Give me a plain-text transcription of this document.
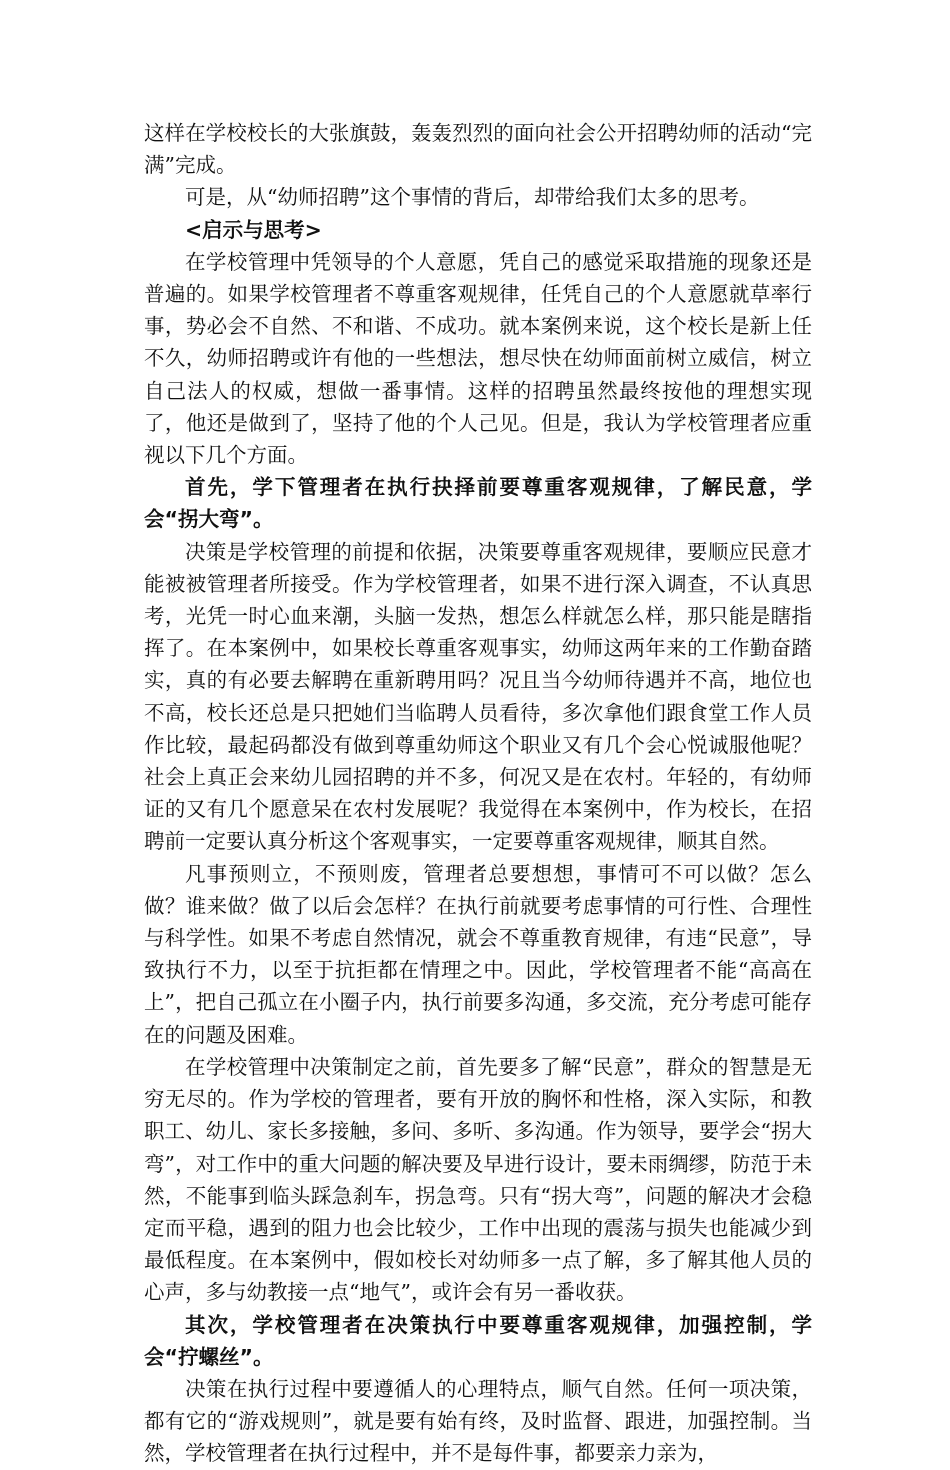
这样在学校校长的大张旗鼓，轰轰烈烈的面向社会公开招聘幼师的活动“完满”完成。

可是，从“幼师招聘”这个事情的背后，却带给我们太多的思考。

<启示与思考>

在学校管理中凭领导的个人意愿，凭自己的感觉采取措施的现象还是普遍的。如果学校管理者不尊重客观规律，任凭自己的个人意愿就草率行事，势必会不自然、不和谐、不成功。就本案例来说，这个校长是新上任不久，幼师招聘或许有他的一些想法，想尽快在幼师面前树立威信，树立自己法人的权威，想做一番事情。这样的招聘虽然最终按他的理想实现了，他还是做到了，坚持了他的个人己见。但是，我认为学校管理者应重视以下几个方面。

首先，学下管理者在执行抉择前要尊重客观规律，了解民意，学会“拐大弯”。

决策是学校管理的前提和依据，决策要尊重客观规律，要顺应民意才能被被管理者所接受。作为学校管理者，如果不进行深入调查，不认真思考，光凭一时心血来潮，头脑一发热，想怎么样就怎么样，那只能是瞎指挥了。在本案例中，如果校长尊重客观事实，幼师这两年来的工作勤奋踏实，真的有必要去解聘在重新聘用吗？况且当今幼师待遇并不高，地位也不高，校长还总是只把她们当临聘人员看待，多次拿他们跟食堂工作人员作比较，最起码都没有做到尊重幼师这个职业又有几个会心悦诚服他呢？社会上真正会来幼儿园招聘的并不多，何况又是在农村。年轻的，有幼师证的又有几个愿意呆在农村发展呢？我觉得在本案例中，作为校长，在招聘前一定要认真分析这个客观事实，一定要尊重客观规律，顺其自然。

凡事预则立，不预则废，管理者总要想想，事情可不可以做？怎么做？谁来做？做了以后会怎样？在执行前就要考虑事情的可行性、合理性与科学性。如果不考虑自然情况，就会不尊重教育规律，有违“民意”，导致执行不力，以至于抗拒都在情理之中。因此，学校管理者不能“高高在上”，把自己孤立在小圈子内，执行前要多沟通，多交流，充分考虑可能存在的问题及困难。

在学校管理中决策制定之前，首先要多了解“民意”，群众的智慧是无穷无尽的。作为学校的管理者，要有开放的胸怀和性格，深入实际，和教职工、幼儿、家长多接触，多问、多听、多沟通。作为领导，要学会“拐大弯”，对工作中的重大问题的解决要及早进行设计，要未雨绸缪，防范于未然，不能事到临头踩急刹车，拐急弯。只有“拐大弯”，问题的解决才会稳定而平稳，遇到的阻力也会比较少，工作中出现的震荡与损失也能减少到最低程度。在本案例中，假如校长对幼师多一点了解，多了解其他人员的心声，多与幼教接一点“地气”，或许会有另一番收获。

其次，学校管理者在决策执行中要尊重客观规律，加强控制，学会“拧螺丝”。

决策在执行过程中要遵循人的心理特点，顺气自然。任何一项决策，都有它的“游戏规则”，就是要有始有终，及时监督、跟进，加强控制。当然，学校管理者在执行过程中，并不是每件事，都要亲力亲为，
